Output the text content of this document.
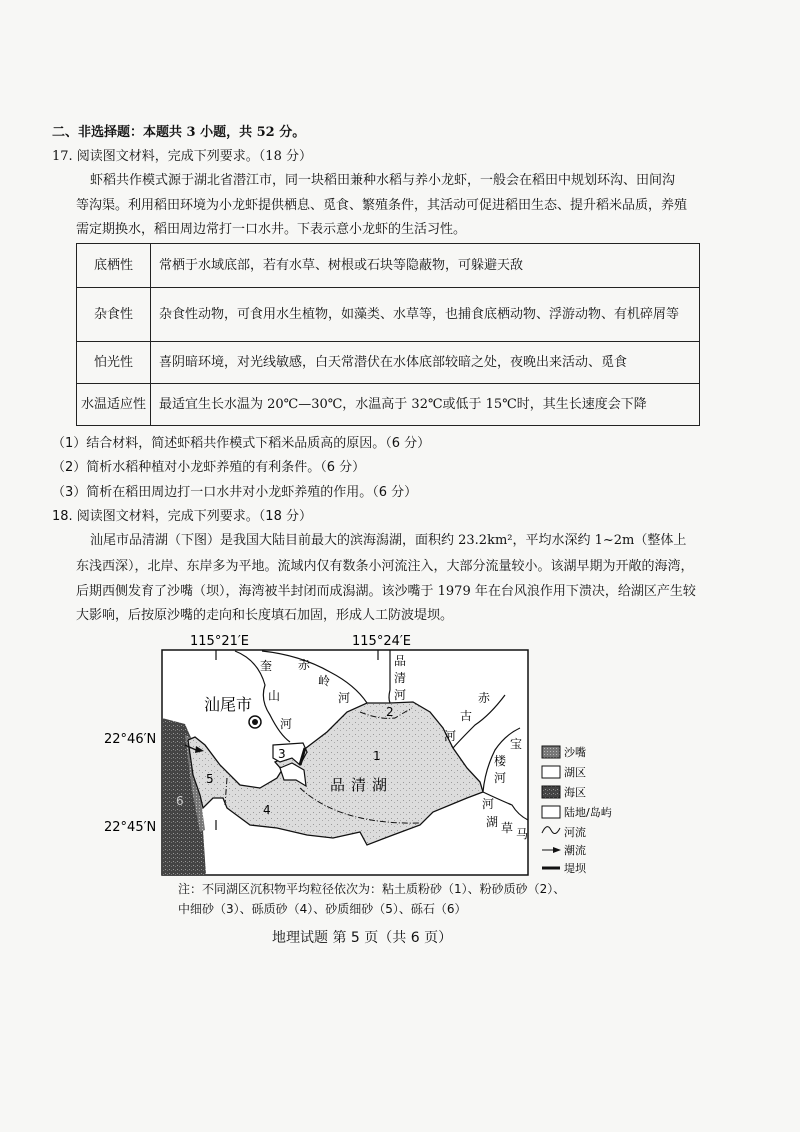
二、非选择题：本题共 3 小题，共 52 分。
17. 阅读图文材料，完成下列要求。（18 分）
虾稻共作模式源于湖北省潜江市，同一块稻田兼种水稻与养小龙虾，一般会在稻田中规划环沟、田间沟
等沟渠。利用稻田环境为小龙虾提供栖息、觅食、繁殖条件，其活动可促进稻田生态、提升稻米品质，养殖
需定期换水，稻田周边常打一口水井。下表示意小龙虾的生活习性。
底栖性	常栖于水域底部，若有水草、树根或石块等隐蔽物，可躲避天敌
杂食性	杂食性动物，可食用水生植物，如藻类、水草等，也捕食底栖动物、浮游动物、有机碎屑等
怕光性	喜阴暗环境，对光线敏感，白天常潜伏在水体底部较暗之处，夜晚出来活动、觅食
水温适应性	最适宜生长水温为 20℃—30℃，水温高于 32℃或低于 15℃时，其生长速度会下降
（1）结合材料，简述虾稻共作模式下稻米品质高的原因。（6 分）
（2）简析水稻种植对小龙虾养殖的有利条件。（6 分）
（3）简析在稻田周边打一口水井对小龙虾养殖的作用。（6 分）
18. 阅读图文材料，完成下列要求。（18 分）
汕尾市品清湖（下图）是我国大陆目前最大的滨海潟湖，面积约 23.2km²，平均水深约 1~2m（整体上
东浅西深），北岸、东岸多为平地。流域内仅有数条小河流注入，大部分流量较小。该湖早期为开敞的海湾，
后期西侧发育了沙嘴（坝），海湾被半封闭而成潟湖。该沙嘴于 1979 年在台风浪作用下溃决，给湖区产生较
大影响，后按原沙嘴的走向和长度填石加固，形成人工防波堤坝。
115°21′E	115°24′E
22°46′N
22°45′N
汕尾市
品清湖
1
2
3
4
5
6
奎
山
河
赤
岭
河
品
清
河	赤
古
河
宝
楼
河
河
湖 草 马
沙嘴
湖区
海区
陆地/岛屿
河流
潮流
堤坝
注：不同湖区沉积物平均粒径依次为：粘土质粉砂（1）、粉砂质砂（2）、
中细砂（3）、砾质砂（4）、砂质细砂（5）、砾石（6）
地理试题 第 5 页（共 6 页）
